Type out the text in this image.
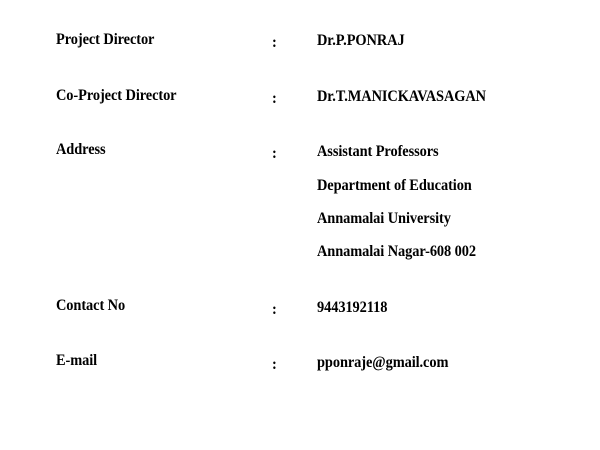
Project Director	:	Dr.P.PONRAJ
Co-Project Director	:	Dr.T.MANICKAVASAGAN
Address	:	Assistant Professors
Department of Education
Annamalai University
Annamalai Nagar-608 002
Contact No	:	9443192118
E-mail	:	pponraje@gmail.com
